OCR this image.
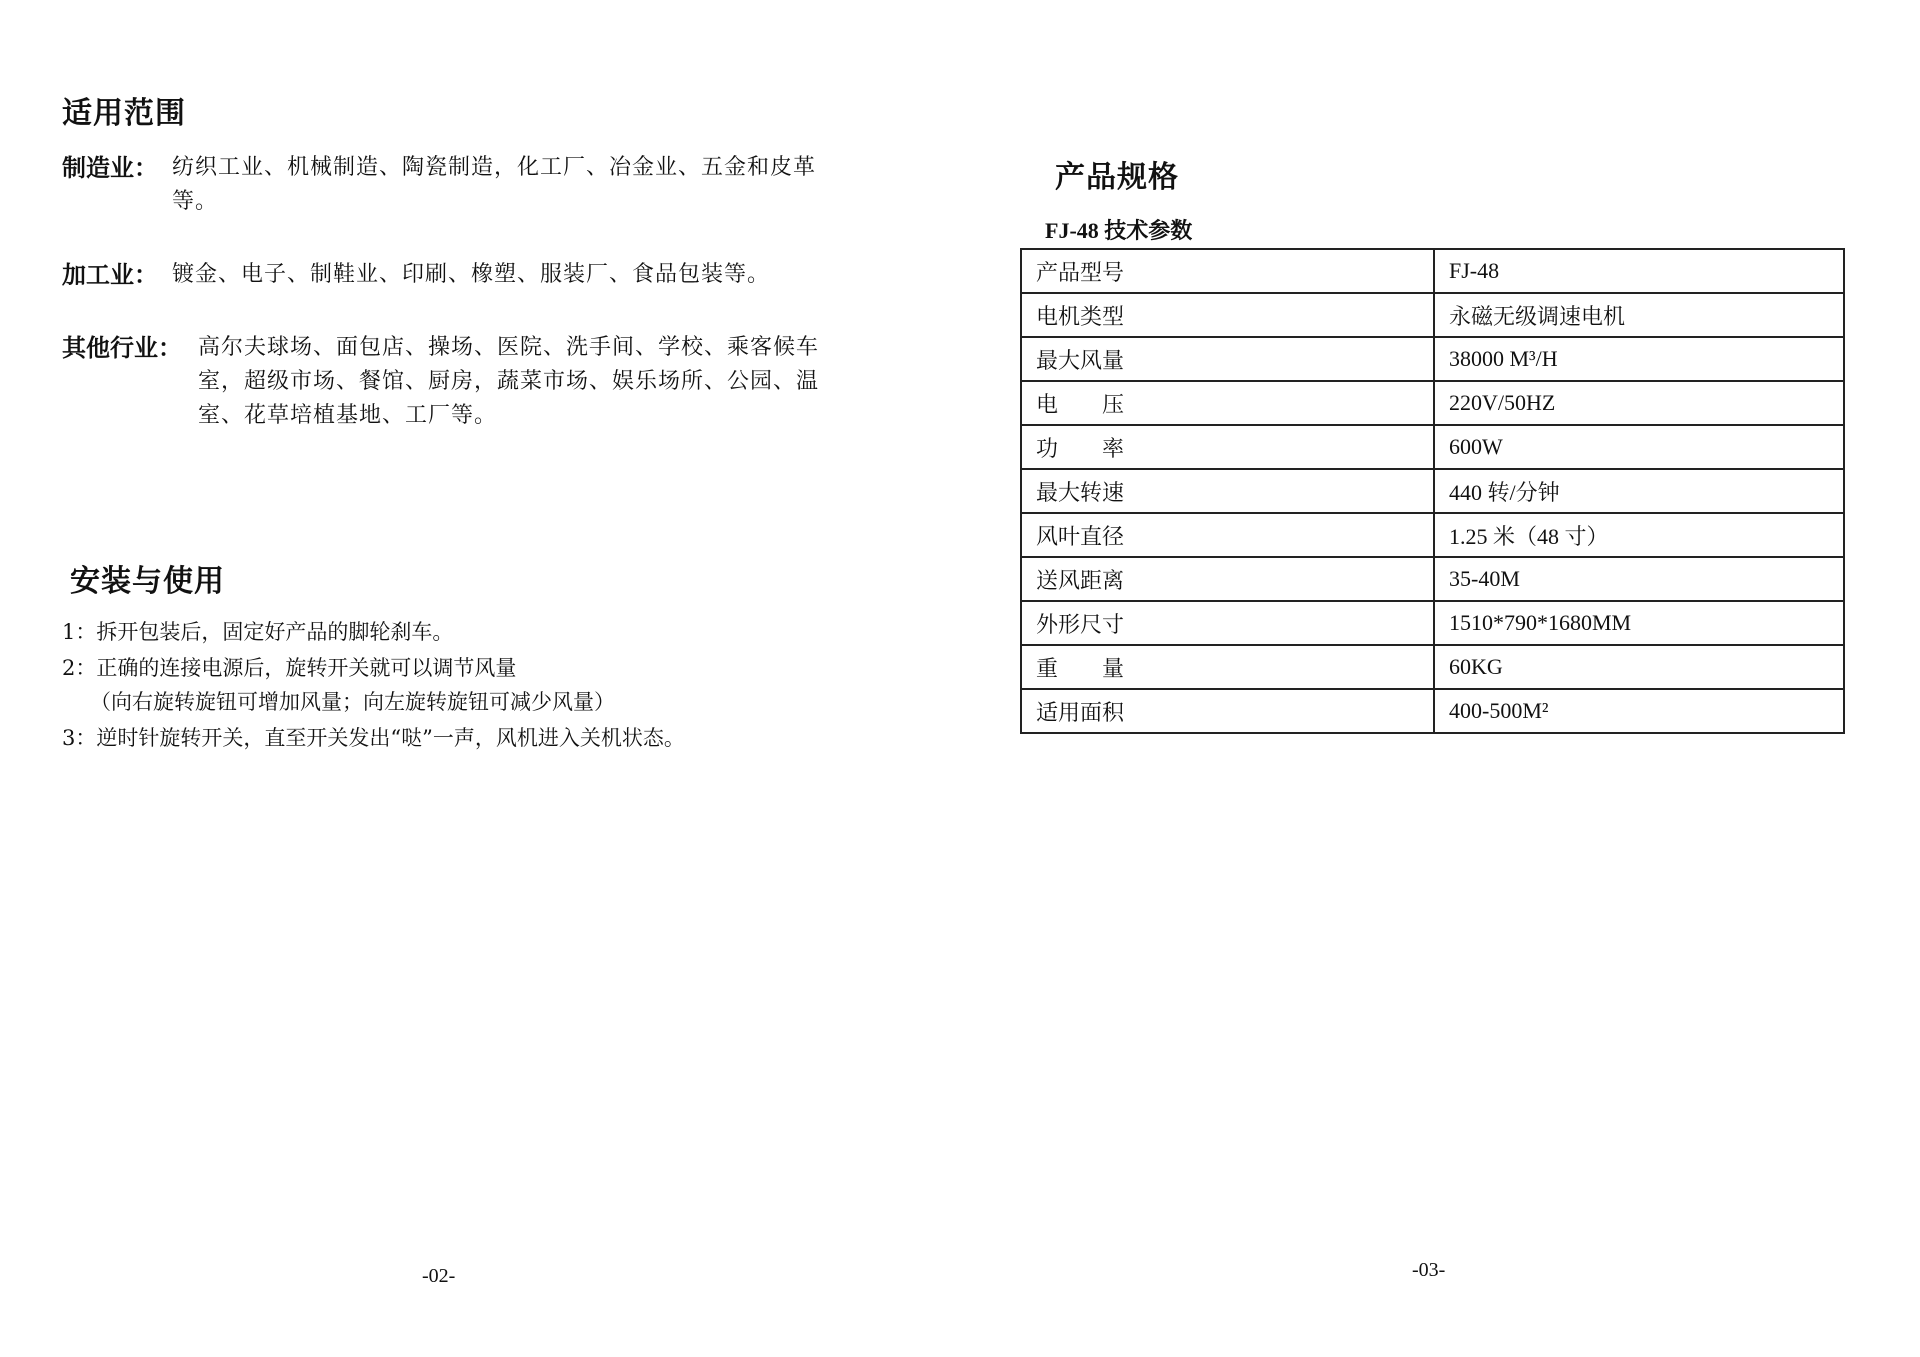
适用范围
制造业： 纺织工业、机械制造、陶瓷制造，化工厂、冶金业、五金和皮革
等。
加工业： 镀金、电子、制鞋业、印刷、橡塑、服装厂、食品包装等。
其他行业： 高尔夫球场、面包店、操场、医院、洗手间、学校、乘客候车
室，超级市场、餐馆、厨房，蔬菜市场、娱乐场所、公园、温
室、花草培植基地、工厂等。
安装与使用
1：拆开包装后，固定好产品的脚轮刹车。
2：正确的连接电源后，旋转开关就可以调节风量
（向右旋转旋钮可增加风量；向左旋转旋钮可减少风量）
3：逆时针旋转开关，直至开关发出“哒”一声，风机进入关机状态。
-02-
产品规格
FJ-48 技术参数
产品型号	FJ-48
电机类型	永磁无级调速电机
最大风量	38000 M³/H
电　　压	220V/50HZ
功　　率	600W
最大转速	440 转/分钟
风叶直径	1.25 米（48 寸）
送风距离	35-40M
外形尺寸	1510*790*1680MM
重　　量	60KG
适用面积	400-500M²
-03-
